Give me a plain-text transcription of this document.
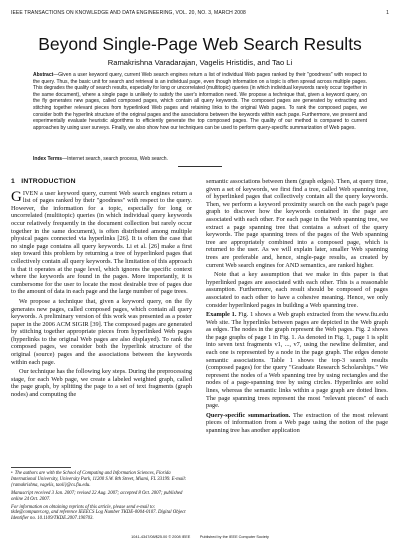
IEEE TRANSACTIONS ON KNOWLEDGE AND DATA ENGINEERING, VOL. 20, NO. 3, MARCH 2008	1
Beyond Single-Page Web Search Results
Ramakrishna Varadarajan, Vagelis Hristidis, and Tao Li
Abstract—Given a user keyword query, current Web search engines return a list of individual Web pages ranked by their "goodness" with respect to the query. Thus, the basic unit for search and retrieval is an individual page, even though information on a topic is often spread across multiple pages. This degrades the quality of search results, especially for long or uncorrelated (multitopic) queries (in which individual keywords rarely occur together in the same document), where a single page is unlikely to satisfy the user's information need. We propose a technique that, given a keyword query, on the fly generates new pages, called composed pages, which contain all query keywords. The composed pages are generated by extracting and stitching together relevant pieces from hyperlinked Web pages and retaining links to the original Web pages. To rank the composed pages, we consider both the hyperlink structure of the original pages and the associations between the keywords within each page. Furthermore, we present and experimentally evaluate heuristic algorithms to efficiently generate the top composed pages. The quality of our method is compared to current approaches by using user surveys. Finally, we also show how our techniques can be used to perform query-specific summarization of Web pages.
Index Terms—Internet search, search process, Web search.
1 INTRODUCTION

GIVEN a user keyword query, current Web search engines return a list of pages ranked by their "goodness" with respect to the query. However, the information for a topic, especially for long or uncorrelated (multitopic) queries (in which individual query keywords occur relatively frequently in the document collection but rarely occur together in the same document), is often distributed among multiple physical pages connected via hyperlinks [26]. It is often the case that no single page contains all query keywords. Li et al. [26] make a first step toward this problem by returning a tree of hyperlinked pages that collectively contain all query keywords. The limitation of this approach is that it operates at the page level, which ignores the specific context where the keywords are found in the pages. More importantly, it is cumbersome for the user to locate the most desirable tree of pages due to the amount of data in each page and the large number of page trees.

We propose a technique that, given a keyword query, on the fly generates new pages, called composed pages, which contain all query keywords. A preliminary version of this work was presented as a poster paper in the 2006 ACM SIGIR [39]. The composed pages are generated by stitching together appropriate pieces from hyperlinked Web pages (hyperlinks to the original Web pages are also displayed). To rank the composed pages, we consider both the hyperlink structure of the original (source) pages and the associations between the keywords within each page.

Our technique has the following key steps. During the preprocessing stage, for each Web page, we create a labeled weighted graph, called the page graph, by splitting the page to a set of text fragments (graph nodes) and computing the

• The authors are with the School of Computing and Information Sciences, Florida International University, University Park, 11200 S.W. 8th Street, Miami, FL 33199. E-mail: {ramakrishna, vagelis, taoli}@cs.fiu.edu.

Manuscript received 3 Jan. 2007; revised 22 Aug. 2007; accepted 8 Oct. 2007; published online 24 Oct. 2007.

For information on obtaining reprints of this article, please send e-mail to: tkde@computer.org, and reference IEEECS Log Number TKDE-0004-0107. Digital Object Identifier no. 10.1109/TKDE.2007.190703.

semantic associations between them (graph edges). Then, at query time, given a set of keywords, we first find a tree, called Web spanning tree, of hyperlinked pages that collectively contain all the query keywords. Then, we perform a keyword proximity search on the each page's page graph to discover how the keywords contained in the page are associated with each other. For each page in the Web spanning tree, we extract a page spanning tree that contains a subset of the query keywords. The page spanning trees of the pages of the Web spanning tree are appropriately combined into a composed page, which is returned to the user. As we will explain later, smaller Web spanning trees are preferable and, hence, single-page results, as created by current Web search engines for AND semantics, are ranked higher.

Note that a key assumption that we make in this paper is that hyperlinked pages are associated with each other. This is a reasonable assumption. Furthermore, each result should be composed of pages associated to each other to have a cohesive meaning. Hence, we only consider hyperlinked pages in building a Web spanning tree.

Example 1. Fig. 1 shows a Web graph extracted from the www.fiu.edu Web site. The hyperlinks between pages are depicted in the Web graph as edges. The nodes in the graph represent the Web pages. Fig. 2 shows the page graphs of page 1 in Fig. 1. As denoted in Fig. 1, page 1 is split into seven text fragments v1, ..., v7, using the newline delimiter, and each one is represented by a node in the page graph. The edges denote semantic associations. Table 1 shows the top-3 search results (composed pages) for the query "Graduate Research Scholarships." We represent the nodes of a Web spanning tree by using rectangles and the nodes of a page-spanning tree by using circles. Hyperlinks are solid lines, whereas the semantic links within a page graph are dotted lines. The page spanning trees represent the most "relevant pieces" of each page.

Query-specific summarization. The extraction of the most relevant pieces of information from a Web page using the notion of the page spanning tree has another application

1041-4347/08/$25.00 © 2008 IEEE	Published by the IEEE Computer Society
